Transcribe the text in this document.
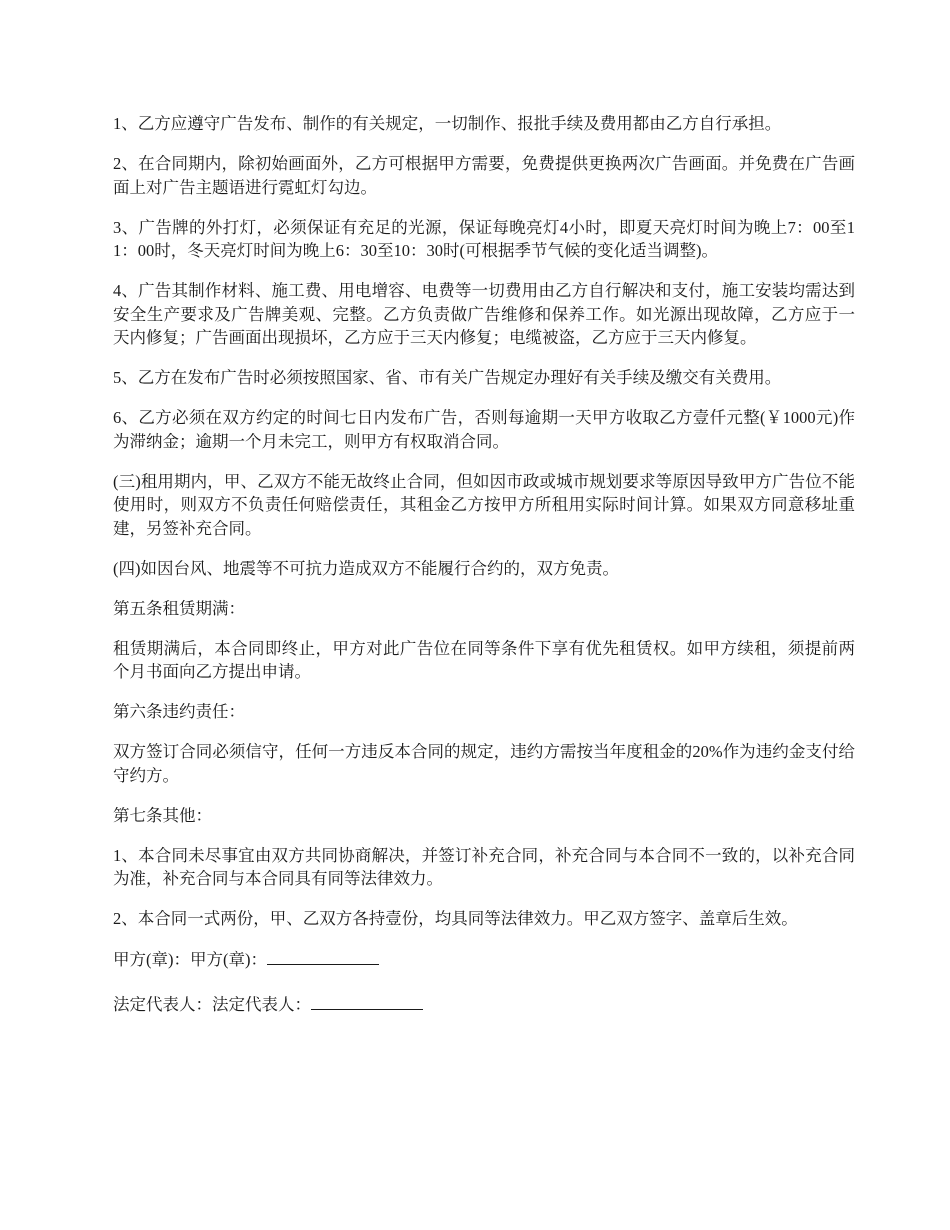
1、乙方应遵守广告发布、制作的有关规定，一切制作、报批手续及费用都由乙方自行承担。

2、在合同期内，除初始画面外，乙方可根据甲方需要，免费提供更换两次广告画面。并免费在广告画面上对广告主题语进行霓虹灯勾边。

3、广告牌的外打灯，必须保证有充足的光源，保证每晚亮灯4小时，即夏天亮灯时间为晚上7：00至11：00时，冬天亮灯时间为晚上6：30至10：30时(可根据季节气候的变化适当调整)。

4、广告其制作材料、施工费、用电增容、电费等一切费用由乙方自行解决和支付，施工安装均需达到安全生产要求及广告牌美观、完整。乙方负责做广告维修和保养工作。如光源出现故障，乙方应于一天内修复；广告画面出现损坏，乙方应于三天内修复；电缆被盗，乙方应于三天内修复。

5、乙方在发布广告时必须按照国家、省、市有关广告规定办理好有关手续及缴交有关费用。

6、乙方必须在双方约定的时间七日内发布广告，否则每逾期一天甲方收取乙方壹仟元整(￥1000元)作为滞纳金；逾期一个月未完工，则甲方有权取消合同。

(三)租用期内，甲、乙双方不能无故终止合同，但如因市政或城市规划要求等原因导致甲方广告位不能使用时，则双方不负责任何赔偿责任，其租金乙方按甲方所租用实际时间计算。如果双方同意移址重建，另签补充合同。

(四)如因台风、地震等不可抗力造成双方不能履行合约的，双方免责。

第五条租赁期满：

租赁期满后，本合同即终止，甲方对此广告位在同等条件下享有优先租赁权。如甲方续租，须提前两个月书面向乙方提出申请。

第六条违约责任：

双方签订合同必须信守，任何一方违反本合同的规定，违约方需按当年度租金的20%作为违约金支付给守约方。

第七条其他：

1、本合同未尽事宜由双方共同协商解决，并签订补充合同，补充合同与本合同不一致的，以补充合同为准，补充合同与本合同具有同等法律效力。

2、本合同一式两份，甲、乙双方各持壹份，均具同等法律效力。甲乙双方签字、盖章后生效。

甲方(章)：甲方(章)：

法定代表人：法定代表人：
